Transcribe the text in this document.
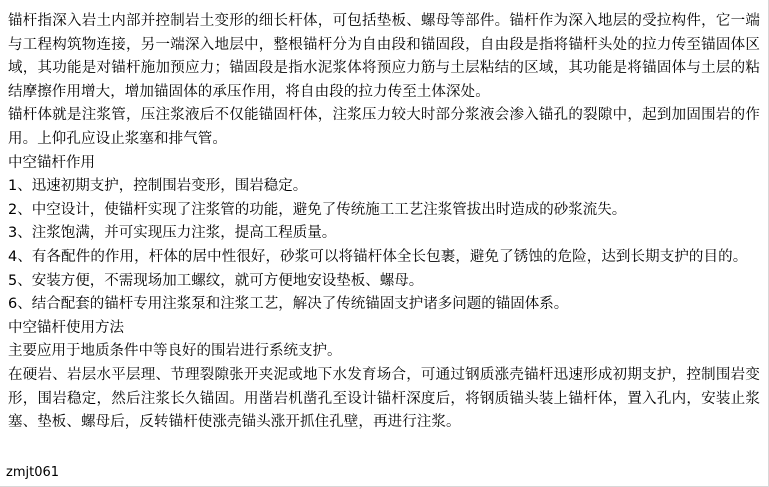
锚杆指深入岩土内部并控制岩土变形的细长杆体，可包括垫板、螺母等部件。锚杆作为深入地层的受拉构件，它一端与工程构筑物连接，另一端深入地层中，整根锚杆分为自由段和锚固段，自由段是指将锚杆头处的拉力传至锚固体区域，其功能是对锚杆施加预应力；锚固段是指水泥浆体将预应力筋与土层粘结的区域，其功能是将锚固体与土层的粘结摩擦作用增大，增加锚固体的承压作用，将自由段的拉力传至土体深处。

锚杆体就是注浆管，压注浆液后不仅能锚固杆体，注浆压力较大时部分浆液会渗入锚孔的裂隙中，起到加固围岩的作用。上仰孔应设止浆塞和排气管。

中空锚杆作用

1、迅速初期支护，控制围岩变形，围岩稳定。

2、中空设计，使锚杆实现了注浆管的功能，避免了传统施工工艺注浆管拔出时造成的砂浆流失。

3、注浆饱满，并可实现压力注浆，提高工程质量。

4、有各配件的作用，杆体的居中性很好，砂浆可以将锚杆体全长包裹，避免了锈蚀的危险，达到长期支护的目的。

5、安装方便，不需现场加工螺纹，就可方便地安设垫板、螺母。

6、结合配套的锚杆专用注浆泵和注浆工艺，解决了传统锚固支护诸多问题的锚固体系。

中空锚杆使用方法

主要应用于地质条件中等良好的围岩进行系统支护。

在硬岩、岩层水平层理、节理裂隙张开夹泥或地下水发育场合，可通过钢质涨壳锚杆迅速形成初期支护，控制围岩变形，围岩稳定，然后注浆长久锚固。用凿岩机凿孔至设计锚杆深度后，将钢质锚头装上锚杆体，置入孔内，安装止浆塞、垫板、螺母后，反转锚杆使涨壳锚头涨开抓住孔壁，再进行注浆。

zmjt061
